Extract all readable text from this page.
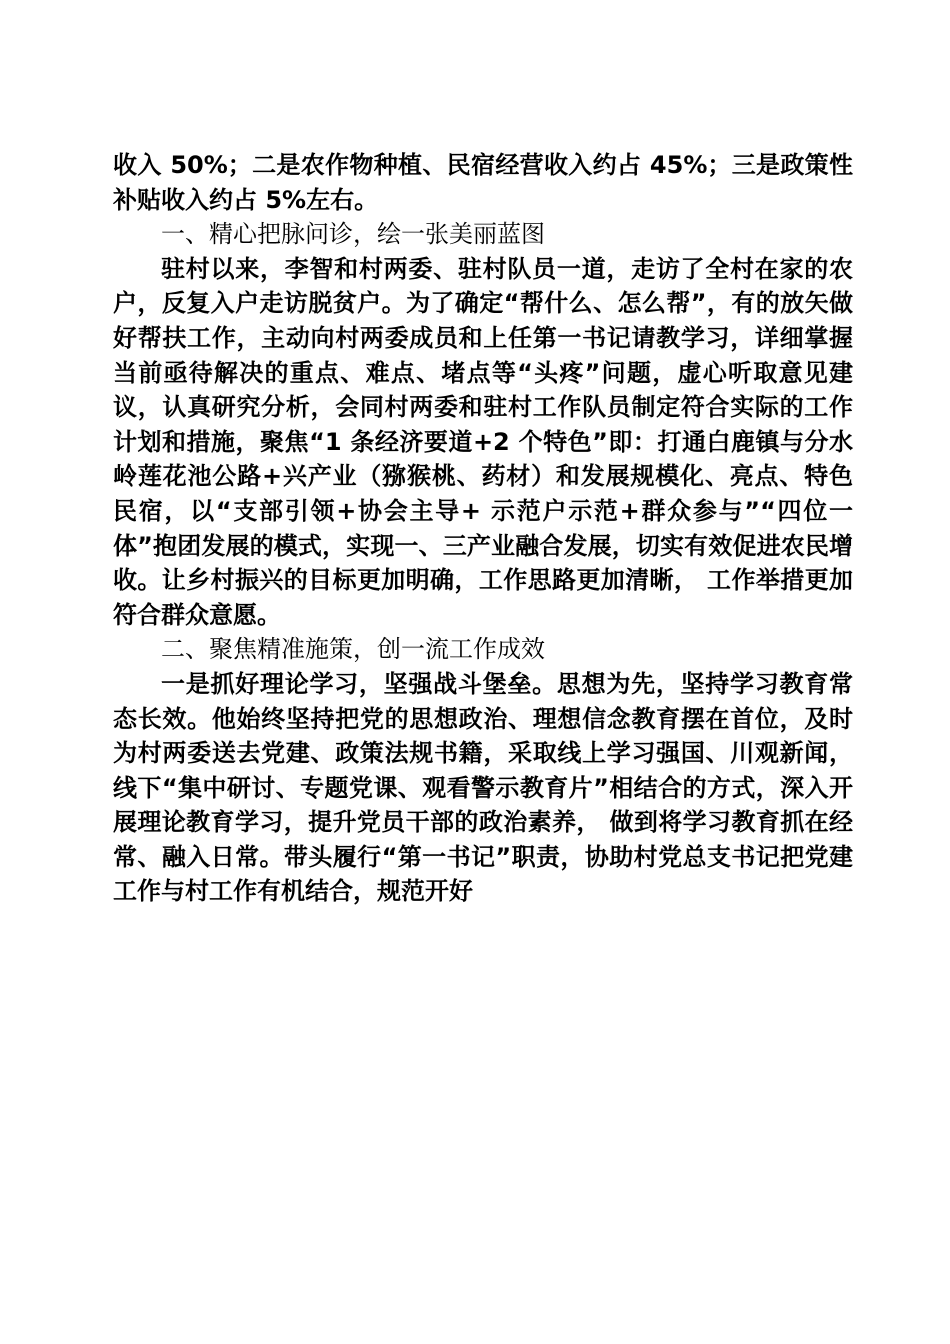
收入 50%；二是农作物种植、民宿经营收入约占 45%；三是政策性补贴收入约占 5%左右。

一、精心把脉问诊，绘一张美丽蓝图

驻村以来，李智和村两委、驻村队员一道，走访了全村在家的农户，反复入户走访脱贫户。为了确定“帮什么、怎么帮”，有的放矢做好帮扶工作，主动向村两委成员和上任第一书记请教学习，详细掌握当前亟待解决的重点、难点、堵点等“头疼”问题，虚心听取意见建议，认真研究分析，会同村两委和驻村工作队员制定符合实际的工作计划和措施，聚焦“1 条经济要道+2 个特色”即：打通白鹿镇与分水岭莲花池公路+兴产业（猕猴桃、药材）和发展规模化、亮点、特色民宿，以“支部引领+协会主导+ 示范户示范+群众参与”“四位一体”抱团发展的模式，实现一、三产业融合发展，切实有效促进农民增收。让乡村振兴的目标更加明确，工作思路更加清晰， 工作举措更加符合群众意愿。

二、聚焦精准施策，创一流工作成效

一是抓好理论学习，坚强战斗堡垒。思想为先，坚持学习教育常态长效。他始终坚持把党的思想政治、理想信念教育摆在首位，及时为村两委送去党建、政策法规书籍，采取线上学习强国、川观新闻，线下“集中研讨、专题党课、观看警示教育片”相结合的方式，深入开展理论教育学习，提升党员干部的政治素养， 做到将学习教育抓在经常、融入日常。带头履行“第一书记”职责，协助村党总支书记把党建工作与村工作有机结合，规范开好
